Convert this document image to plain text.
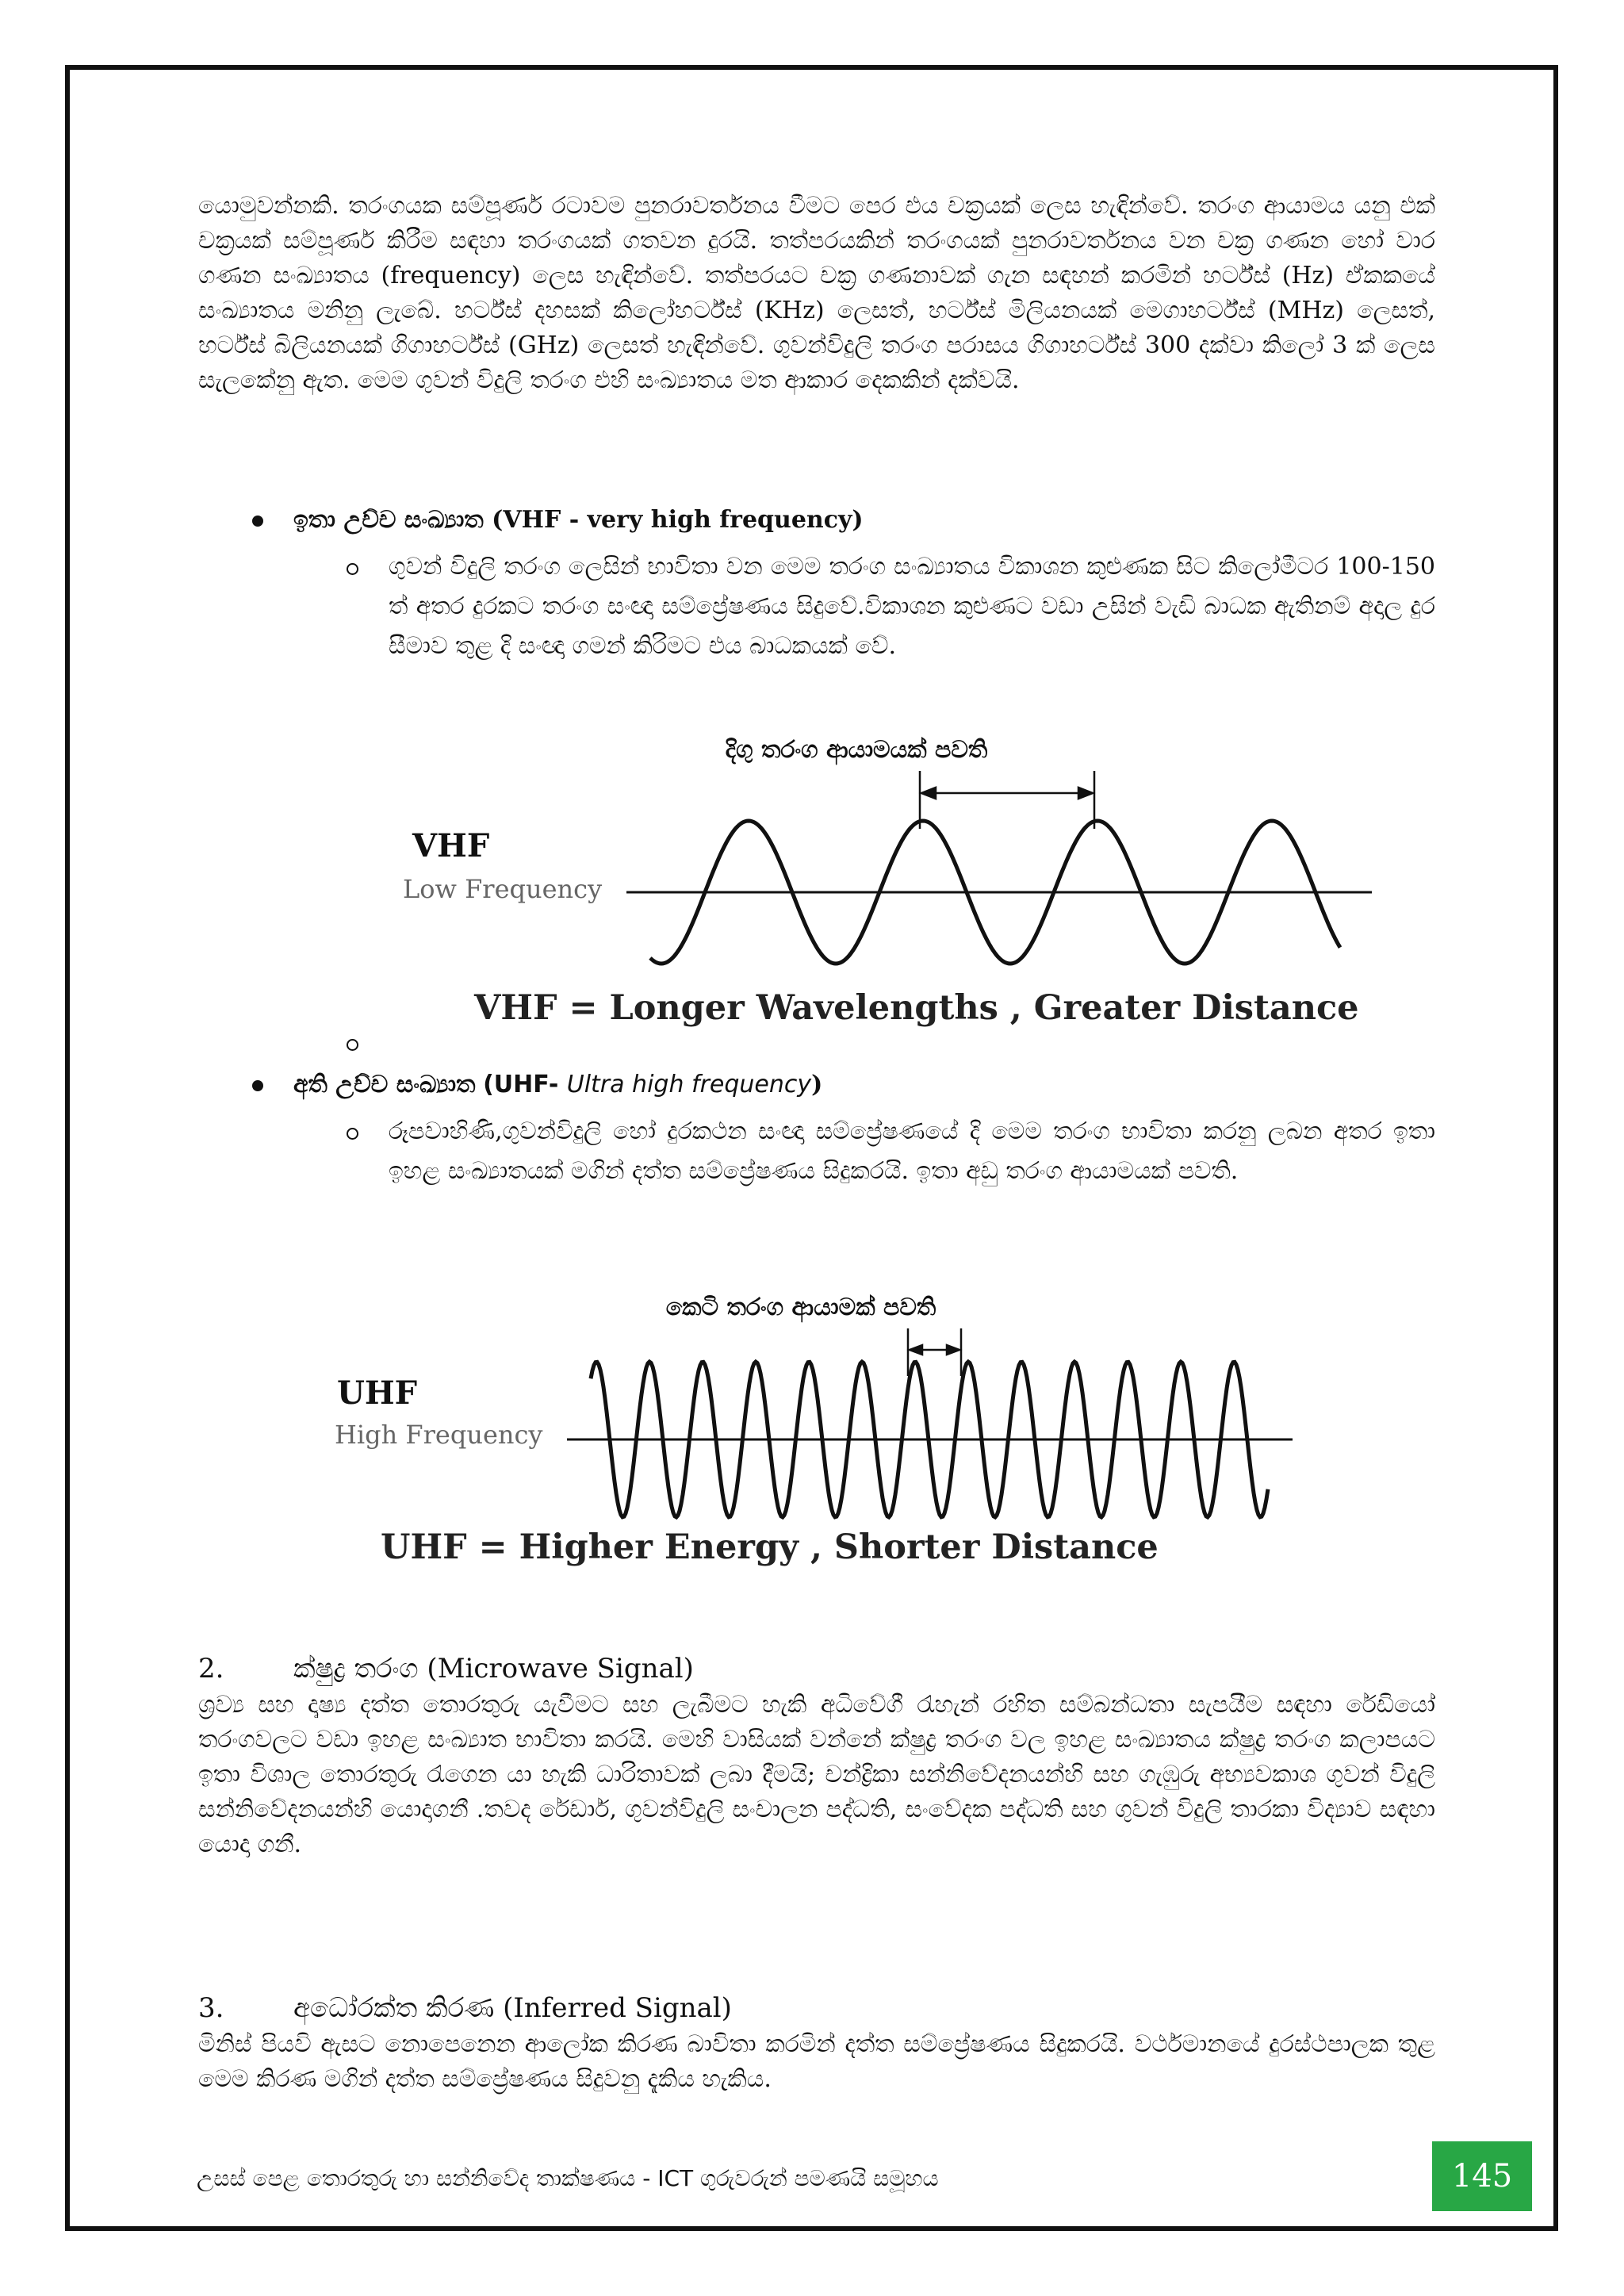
යොමුවන්නකි. තරංගයක සම්පූර්ණ රටාවම පුනරාවර්තනය වීමට පෙර එය චක්‍රයක් ලෙස හැඳින්වේ. තරංග ආයාමය යනු එක් චක්‍රයක් සම්පූර්ණ කිරීම සඳහා තරංගයක් ගතවන දුරයි. තත්පරයකින් තරංගයක් පුනරාවර්තනය වන චක්‍ර ගණන හෝ වාර ගණන සංඛ්‍යාතය (frequency) ලෙස හැඳින්වේ. තත්පරයට චක්‍ර ගණනාවක් ගැන සඳහන් කරමින් හර්ට්ස් (Hz) ඒකකයේ සංඛ්‍යාතය මනිනු ලැබේ. හර්ට්ස් දහසක් කිලෝහර්ට්ස් (KHz) ලෙසත්, හර්ට්ස් මිලියනයක් මෙගාහර්ට්ස් (MHz) ලෙසත්, හර්ට්ස් බිලියනයක් ගිගාහර්ට්ස් (GHz) ලෙසත් හැඳින්වේ. ගුවන්විදුලි තරංග පරාසය ගිගාහර්ට්ස් 300 දක්වා කිලෝ 3 ක් ලෙස සැලකේනු ඇත. මෙම ගුවන් විදුලි තරංග එහි සංඛ්‍යාතය මත ආකාර දෙකකින් දක්වයි.

ඉතා උච්ච සංඛ්‍යාත (VHF - very high frequency)

ගුවන් විදුලි තරංග ලෙසින් භාවිතා වන මෙම තරංග සංඛ්‍යාතය විකාශන කුළුණක සිට කිලෝමීටර 100-150 ත් අතර දුරකට තරංග සංඥා සම්ප්‍රේෂණය සිදුවේ.විකාශන කුළුණට වඩා උසින් වැඩි බාධක ඇතිනම් අදාල දුර සීමාව තුළ දි සංඥා ගමන් කිරිමට එය බාධකයක් වේ.

දිගු තරංග ආයාමයක් පවති
VHF
Low Frequency
VHF = Longer Wavelengths , Greater Distance
අති උච්ච සංඛ්‍යාත (UHF- Ultra high frequency)

රූපවාහිණි,ගුවන්විදුලි හෝ දුරකථන සංඥා සම්ප්‍රේෂණයේ දි මෙම තරංග භාවිතා කරනු ලබන අතර ඉතා ඉහළ සංඛ්‍යාතයක් මගින් දත්ත සම්ප්‍රේෂණය සිදුකරයි. ඉතා අඩු තරංග ආයාමයක් පවති.

කෙටි තරංග ආයාමක් පවති
UHF
High Frequency
UHF = Higher Energy , Shorter Distance
2.	ක්ෂුද්‍ර තරංග (Microwave Signal)

ශ්‍රව්‍ය සහ දෘෂ්‍ය දත්ත තොරතුරු යැවීමට සහ ලැබීමට හැකි අධිවේගී රැහැන් රහිත සම්බන්ධතා සැපයීම සඳහා රේඩියෝ තරංගවලට වඩා ඉහළ සංඛ්‍යාත භාවිතා කරයි. මෙහි වාසියක් වන්නේ ක්ෂුද්‍ර තරංග වල ඉහළ සංඛ්‍යාතය ක්ෂුද්‍ර තරංග කලාපයට ඉතා විශාල තොරතුරු රැගෙන යා හැකි ධාරිතාවක් ලබා දීමයි; චන්ද්‍රිකා සන්නිවේදනයන්හි සහ ගැඹුරු අභ්‍යවකාශ ගුවන් විදුලි සන්නිවේදනයන්හි යොදාගනී .තවද රේඩාර්, ගුවන්විදුලි සංචාලන පද්ධති, සංවේදක පද්ධති සහ ගුවන් විදුලි තාරකා විද්‍යාව සඳහා යොදා ගනී.

3.	අධෝරක්ත කිරණ (Inferred Signal)

මිනිස් පියවි ඇසට නොපෙනෙන ආලෝක කිරණ බාවිතා කරමින් දත්ත සම්ප්‍රේෂණය සිදුකරයි. වර්ථමානයේ දුරස්ථපාලක තුළ මෙම කිරණ මගින් දත්ත සම්ප්‍රේෂණය සිදුවනු දැකිය හැකිය.

උසස් පෙළ තොරතුරු හා සන්නිවේද තාක්ෂණය - ICT ගුරුවරුන් පමණයි සමූහය	145
